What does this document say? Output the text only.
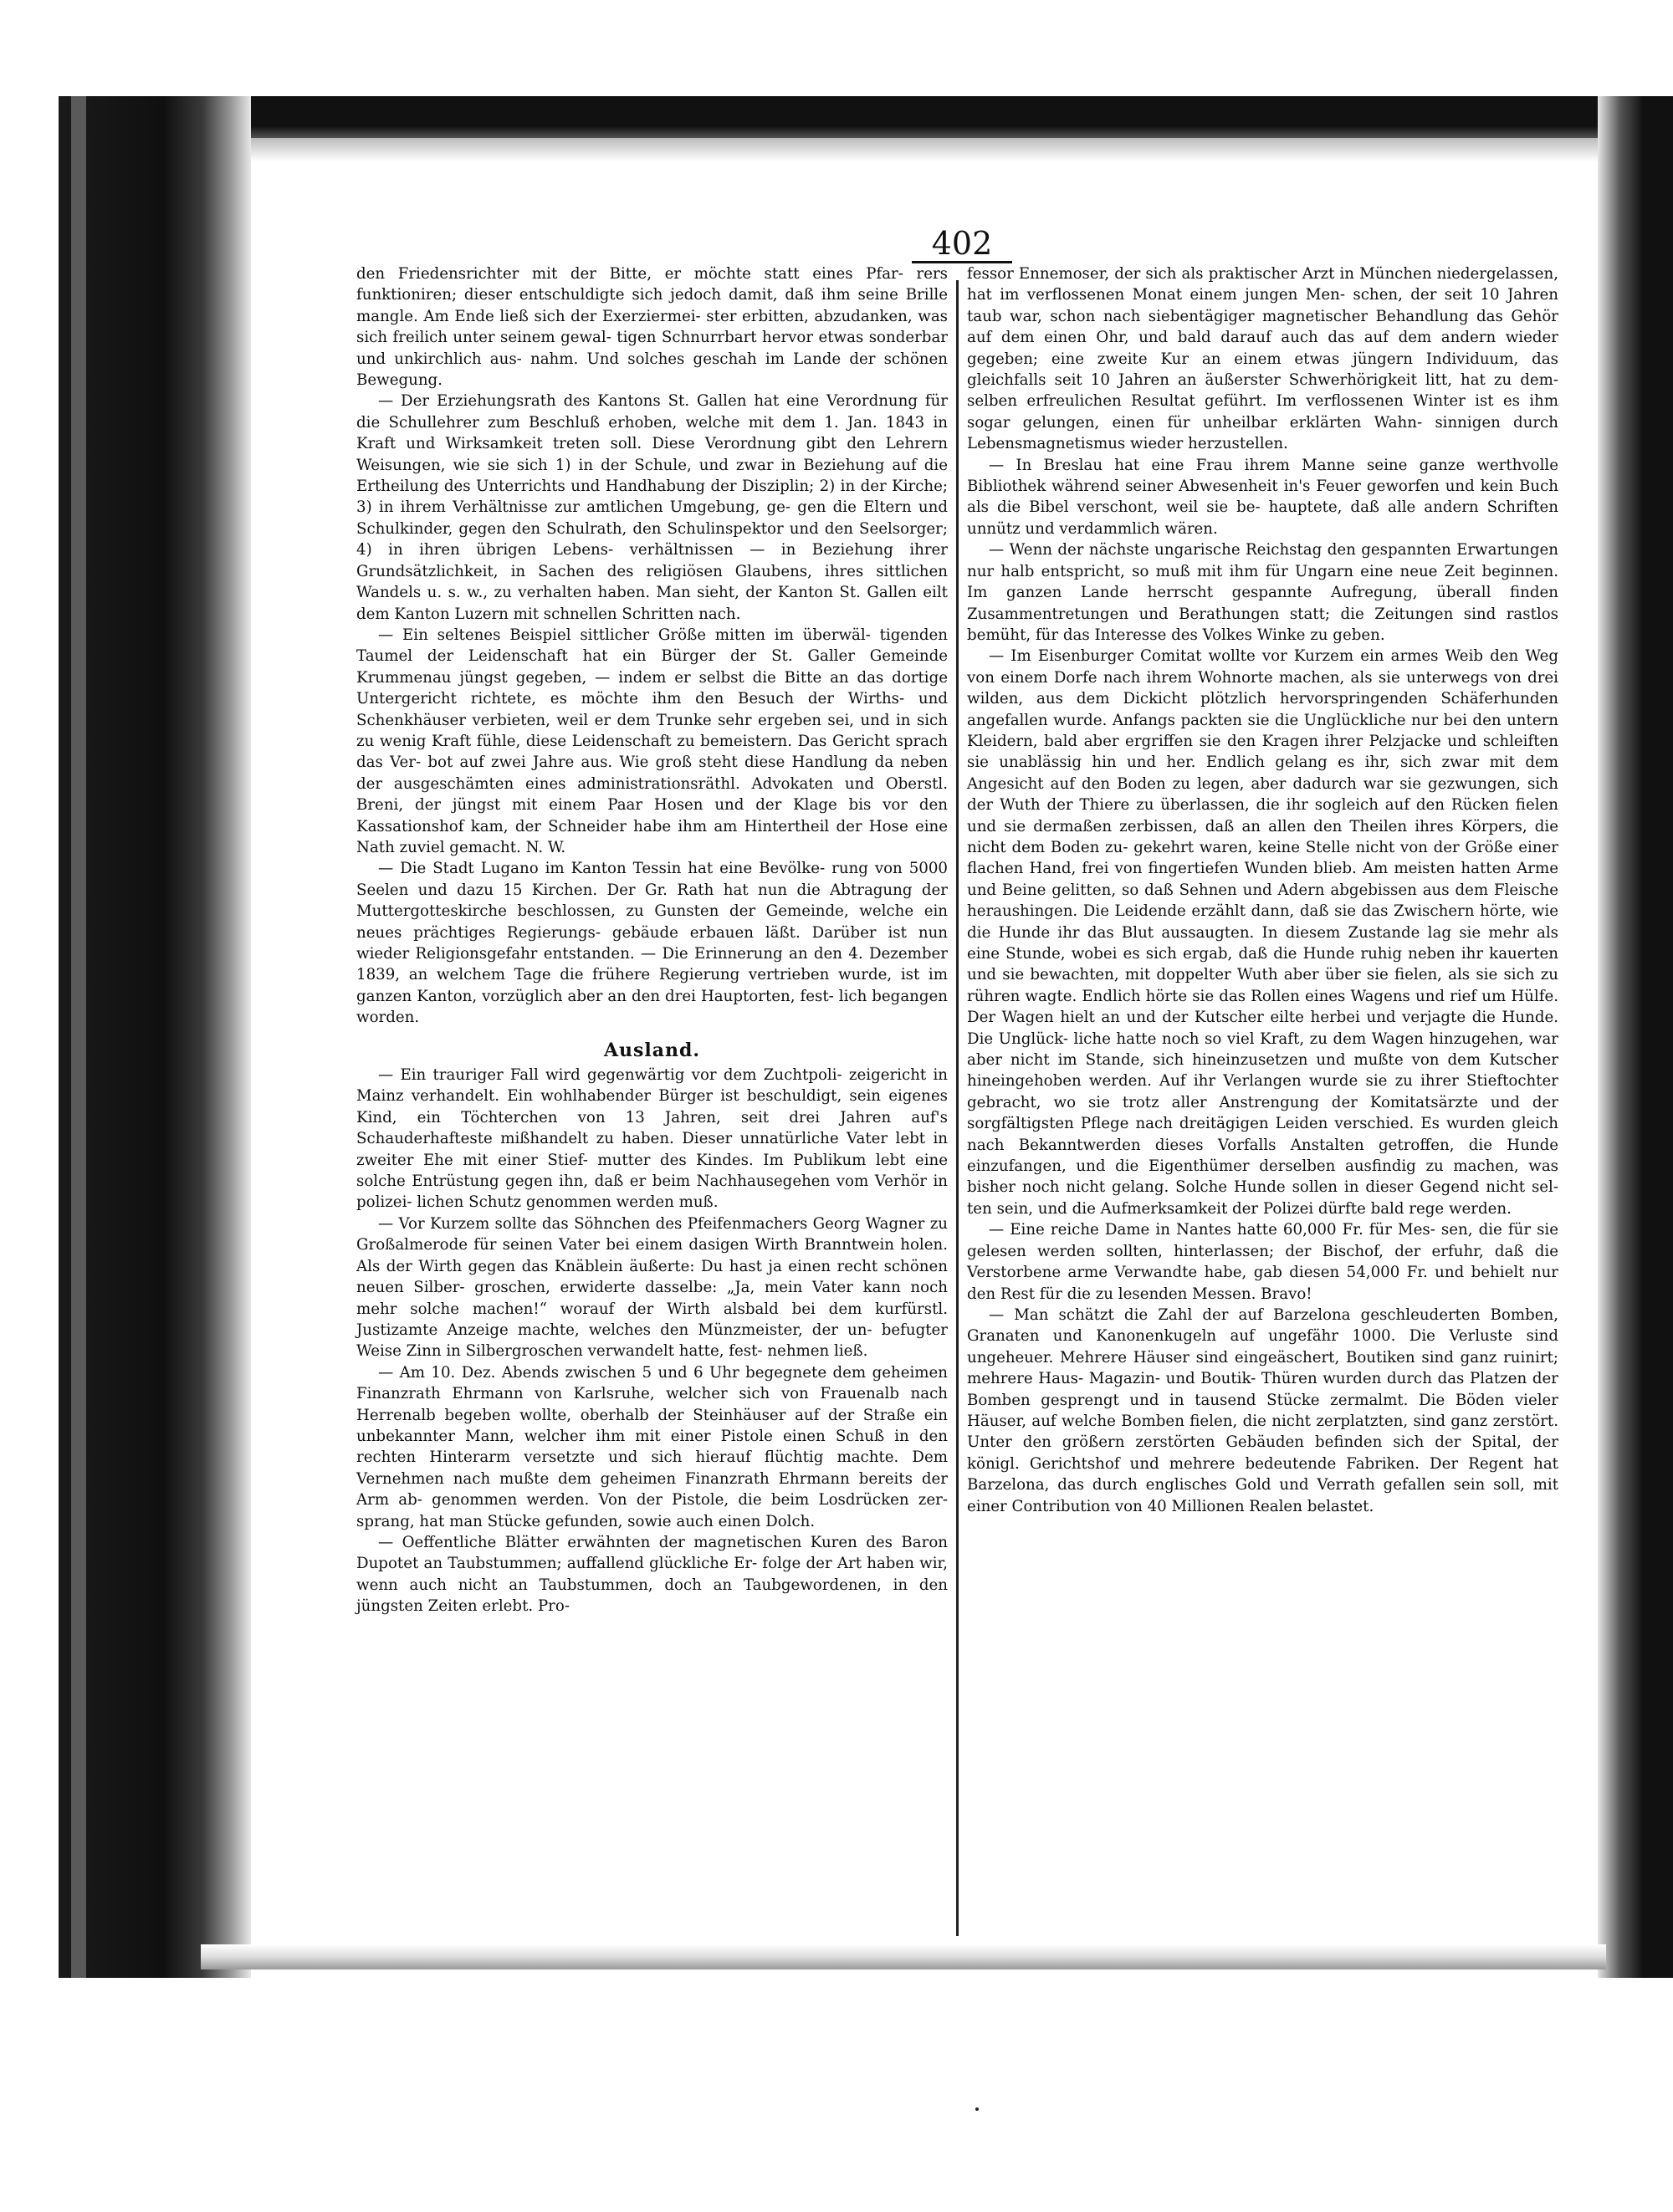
402

den Friedensrichter mit der Bitte, er möchte statt eines Pfar- rers funktioniren; dieser entschuldigte sich jedoch damit, daß ihm seine Brille mangle. Am Ende ließ sich der Exerziermei- ster erbitten, abzudanken, was sich freilich unter seinem gewal- tigen Schnurrbart hervor etwas sonderbar und unkirchlich aus- nahm. Und solches geschah im Lande der schönen Bewegung.

— Der Erziehungsrath des Kantons St. Gallen hat eine Verordnung für die Schullehrer zum Beschluß erhoben, welche mit dem 1. Jan. 1843 in Kraft und Wirksamkeit treten soll. Diese Verordnung gibt den Lehrern Weisungen, wie sie sich 1) in der Schule, und zwar in Beziehung auf die Ertheilung des Unterrichts und Handhabung der Disziplin; 2) in der Kirche; 3) in ihrem Verhältnisse zur amtlichen Umgebung, ge- gen die Eltern und Schulkinder, gegen den Schulrath, den Schulinspektor und den Seelsorger; 4) in ihren übrigen Lebens- verhältnissen — in Beziehung ihrer Grundsätzlichkeit, in Sachen des religiösen Glaubens, ihres sittlichen Wandels u. s. w., zu verhalten haben. Man sieht, der Kanton St. Gallen eilt dem Kanton Luzern mit schnellen Schritten nach.

— Ein seltenes Beispiel sittlicher Größe mitten im überwäl- tigenden Taumel der Leidenschaft hat ein Bürger der St. Galler Gemeinde Krummenau jüngst gegeben, — indem er selbst die Bitte an das dortige Untergericht richtete, es möchte ihm den Besuch der Wirths- und Schenkhäuser verbieten, weil er dem Trunke sehr ergeben sei, und in sich zu wenig Kraft fühle, diese Leidenschaft zu bemeistern. Das Gericht sprach das Ver- bot auf zwei Jahre aus. Wie groß steht diese Handlung da neben der ausgeschämten eines administrationsräthl. Advokaten und Oberstl. Breni, der jüngst mit einem Paar Hosen und der Klage bis vor den Kassationshof kam, der Schneider habe ihm am Hintertheil der Hose eine Nath zuviel gemacht. N. W.

— Die Stadt Lugano im Kanton Tessin hat eine Bevölke- rung von 5000 Seelen und dazu 15 Kirchen. Der Gr. Rath hat nun die Abtragung der Muttergotteskirche beschlossen, zu Gunsten der Gemeinde, welche ein neues prächtiges Regierungs- gebäude erbauen läßt. Darüber ist nun wieder Religionsgefahr entstanden. — Die Erinnerung an den 4. Dezember 1839, an welchem Tage die frühere Regierung vertrieben wurde, ist im ganzen Kanton, vorzüglich aber an den drei Hauptorten, fest- lich begangen worden.

Ausland.

— Ein trauriger Fall wird gegenwärtig vor dem Zuchtpoli- zeigericht in Mainz verhandelt. Ein wohlhabender Bürger ist beschuldigt, sein eigenes Kind, ein Töchterchen von 13 Jahren, seit drei Jahren auf's Schauderhafteste mißhandelt zu haben. Dieser unnatürliche Vater lebt in zweiter Ehe mit einer Stief- mutter des Kindes. Im Publikum lebt eine solche Entrüstung gegen ihn, daß er beim Nachhausegehen vom Verhör in polizei- lichen Schutz genommen werden muß.

— Vor Kurzem sollte das Söhnchen des Pfeifenmachers Georg Wagner zu Großalmerode für seinen Vater bei einem dasigen Wirth Branntwein holen. Als der Wirth gegen das Knäblein äußerte: Du hast ja einen recht schönen neuen Silber- groschen, erwiderte dasselbe: „Ja, mein Vater kann noch mehr solche machen!“ worauf der Wirth alsbald bei dem kurfürstl. Justizamte Anzeige machte, welches den Münzmeister, der un- befugter Weise Zinn in Silbergroschen verwandelt hatte, fest- nehmen ließ.

— Am 10. Dez. Abends zwischen 5 und 6 Uhr begegnete dem geheimen Finanzrath Ehrmann von Karlsruhe, welcher sich von Frauenalb nach Herrenalb begeben wollte, oberhalb der Steinhäuser auf der Straße ein unbekannter Mann, welcher ihm mit einer Pistole einen Schuß in den rechten Hinterarm versetzte und sich hierauf flüchtig machte. Dem Vernehmen nach mußte dem geheimen Finanzrath Ehrmann bereits der Arm ab- genommen werden. Von der Pistole, die beim Losdrücken zer- sprang, hat man Stücke gefunden, sowie auch einen Dolch.

— Oeffentliche Blätter erwähnten der magnetischen Kuren des Baron Dupotet an Taubstummen; auffallend glückliche Er- folge der Art haben wir, wenn auch nicht an Taubstummen, doch an Taubgewordenen, in den jüngsten Zeiten erlebt. Pro-

fessor Ennemoser, der sich als praktischer Arzt in München niedergelassen, hat im verflossenen Monat einem jungen Men- schen, der seit 10 Jahren taub war, schon nach siebentägiger magnetischer Behandlung das Gehör auf dem einen Ohr, und bald darauf auch das auf dem andern wieder gegeben; eine zweite Kur an einem etwas jüngern Individuum, das gleichfalls seit 10 Jahren an äußerster Schwerhörigkeit litt, hat zu dem- selben erfreulichen Resultat geführt. Im verflossenen Winter ist es ihm sogar gelungen, einen für unheilbar erklärten Wahn- sinnigen durch Lebensmagnetismus wieder herzustellen.

— In Breslau hat eine Frau ihrem Manne seine ganze werthvolle Bibliothek während seiner Abwesenheit in's Feuer geworfen und kein Buch als die Bibel verschont, weil sie be- hauptete, daß alle andern Schriften unnütz und verdammlich wären.

— Wenn der nächste ungarische Reichstag den gespannten Erwartungen nur halb entspricht, so muß mit ihm für Ungarn eine neue Zeit beginnen. Im ganzen Lande herrscht gespannte Aufregung, überall finden Zusammentretungen und Berathungen statt; die Zeitungen sind rastlos bemüht, für das Interesse des Volkes Winke zu geben.

— Im Eisenburger Comitat wollte vor Kurzem ein armes Weib den Weg von einem Dorfe nach ihrem Wohnorte machen, als sie unterwegs von drei wilden, aus dem Dickicht plötzlich hervorspringenden Schäferhunden angefallen wurde. Anfangs packten sie die Unglückliche nur bei den untern Kleidern, bald aber ergriffen sie den Kragen ihrer Pelzjacke und schleiften sie unablässig hin und her. Endlich gelang es ihr, sich zwar mit dem Angesicht auf den Boden zu legen, aber dadurch war sie gezwungen, sich der Wuth der Thiere zu überlassen, die ihr sogleich auf den Rücken fielen und sie dermaßen zerbissen, daß an allen den Theilen ihres Körpers, die nicht dem Boden zu- gekehrt waren, keine Stelle nicht von der Größe einer flachen Hand, frei von fingertiefen Wunden blieb. Am meisten hatten Arme und Beine gelitten, so daß Sehnen und Adern abgebissen aus dem Fleische heraushingen. Die Leidende erzählt dann, daß sie das Zwischern hörte, wie die Hunde ihr das Blut aussaugten. In diesem Zustande lag sie mehr als eine Stunde, wobei es sich ergab, daß die Hunde ruhig neben ihr kauerten und sie bewachten, mit doppelter Wuth aber über sie fielen, als sie sich zu rühren wagte. Endlich hörte sie das Rollen eines Wagens und rief um Hülfe. Der Wagen hielt an und der Kutscher eilte herbei und verjagte die Hunde. Die Unglück- liche hatte noch so viel Kraft, zu dem Wagen hinzugehen, war aber nicht im Stande, sich hineinzusetzen und mußte von dem Kutscher hineingehoben werden. Auf ihr Verlangen wurde sie zu ihrer Stieftochter gebracht, wo sie trotz aller Anstrengung der Komitatsärzte und der sorgfältigsten Pflege nach dreitägigen Leiden verschied. Es wurden gleich nach Bekanntwerden dieses Vorfalls Anstalten getroffen, die Hunde einzufangen, und die Eigenthümer derselben ausfindig zu machen, was bisher noch nicht gelang. Solche Hunde sollen in dieser Gegend nicht sel- ten sein, und die Aufmerksamkeit der Polizei dürfte bald rege werden.

— Eine reiche Dame in Nantes hatte 60,000 Fr. für Mes- sen, die für sie gelesen werden sollten, hinterlassen; der Bischof, der erfuhr, daß die Verstorbene arme Verwandte habe, gab diesen 54,000 Fr. und behielt nur den Rest für die zu lesenden Messen. Bravo!

— Man schätzt die Zahl der auf Barzelona geschleuderten Bomben, Granaten und Kanonenkugeln auf ungefähr 1000. Die Verluste sind ungeheuer. Mehrere Häuser sind eingeäschert, Boutiken sind ganz ruinirt; mehrere Haus- Magazin- und Boutik- Thüren wurden durch das Platzen der Bomben gesprengt und in tausend Stücke zermalmt. Die Böden vieler Häuser, auf welche Bomben fielen, die nicht zerplatzten, sind ganz zerstört. Unter den größern zerstörten Gebäuden befinden sich der Spital, der königl. Gerichtshof und mehrere bedeutende Fabriken. Der Regent hat Barzelona, das durch englisches Gold und Verrath gefallen sein soll, mit einer Contribution von 40 Millionen Realen belastet.
